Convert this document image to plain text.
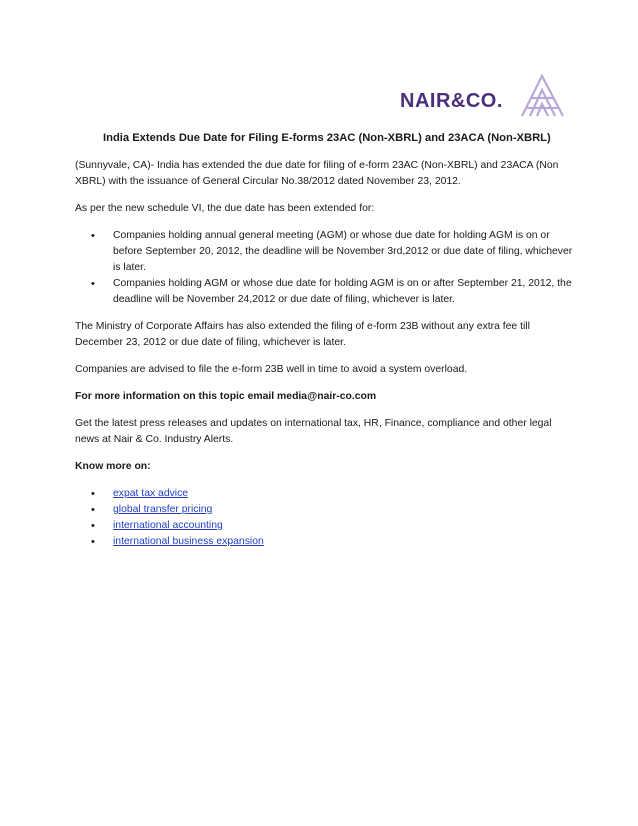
NAIR&CO.
India Extends Due Date for Filing E-forms 23AC (Non-XBRL) and 23ACA (Non-XBRL)

(Sunnyvale, CA)- India has extended the due date for filing of e-form 23AC (Non-XBRL) and 23ACA (Non XBRL) with the issuance of General Circular No.38/2012 dated November 23, 2012.

As per the new schedule VI, the due date has been extended for:

• Companies holding annual general meeting (AGM) or whose due date for holding AGM is on or before September 20, 2012, the deadline will be November 3rd,2012 or due date of filing, whichever is later.
• Companies holding AGM or whose due date for holding AGM is on or after September 21, 2012, the deadline will be November 24,2012 or due date of filing, whichever is later.

The Ministry of Corporate Affairs has also extended the filing of e-form 23B without any extra fee till December 23, 2012 or due date of filing, whichever is later.

Companies are advised to file the e-form 23B well in time to avoid a system overload.

For more information on this topic email media@nair-co.com

Get the latest press releases and updates on international tax, HR, Finance, compliance and other legal news at Nair & Co. Industry Alerts.

Know more on:

• expat tax advice
• global transfer pricing
• international accounting
• international business expansion
